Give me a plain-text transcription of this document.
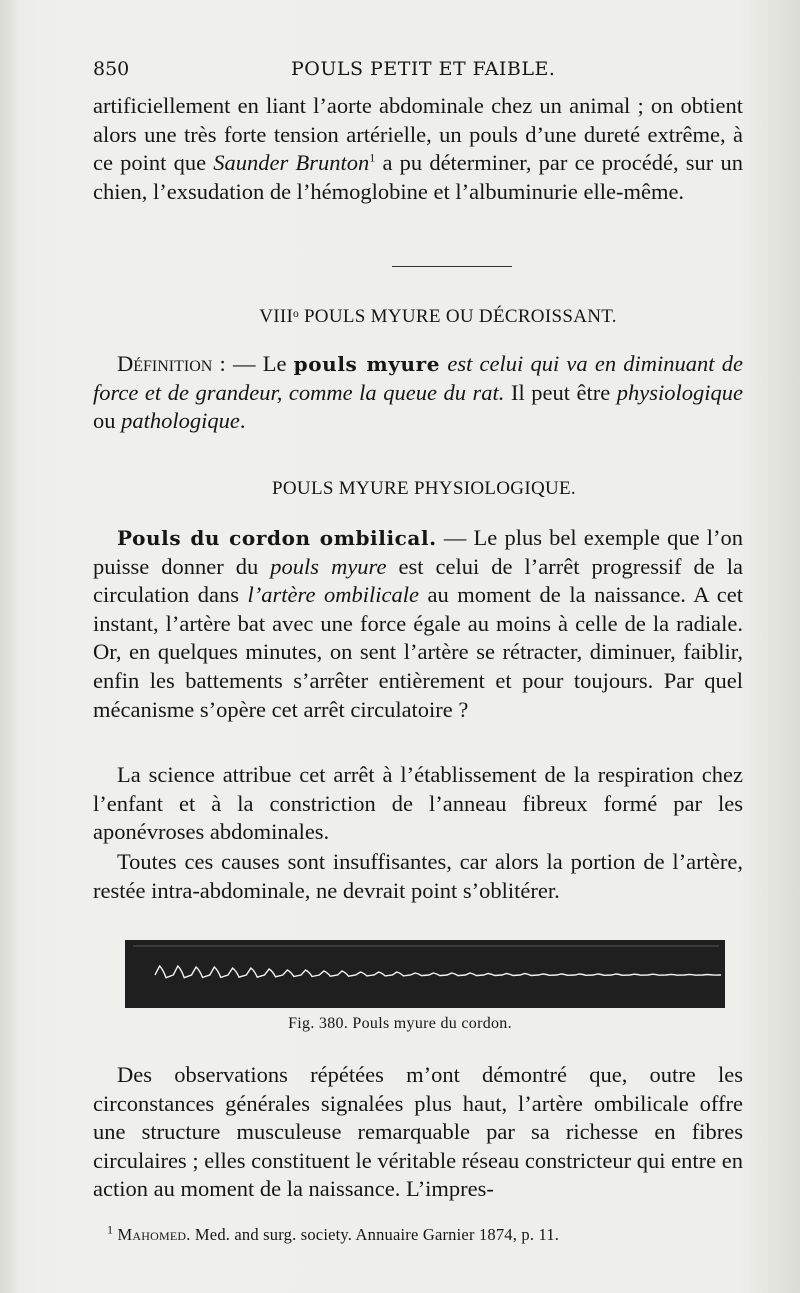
850	POULS PETIT ET FAIBLE.

artificiellement en liant l’aorte abdominale chez un animal ; on obtient alors une très forte tension artérielle, un pouls d’une dureté extrême, à ce point que Saunder Brunton$^1$ a pu déterminer, par ce procédé, sur un chien, l’exsudation de l’hémoglobine et l’albuminurie elle-même.

VIIIᵒ POULS MYURE OU DÉCROISSANT.

Définition : — Le pouls myure est celui qui va en diminuant de force et de grandeur, comme la queue du rat. Il peut être physiologique ou pathologique.

POULS MYURE PHYSIOLOGIQUE.

Pouls du cordon ombilical. — Le plus bel exemple que l’on puisse donner du pouls myure est celui de l’arrêt progressif de la circulation dans l’artère ombilicale au moment de la naissance. A cet instant, l’artère bat avec une force égale au moins à celle de la radiale. Or, en quelques minutes, on sent l’artère se rétracter, diminuer, faiblir, enfin les battements s’arrêter entièrement et pour toujours. Par quel mécanisme s’opère cet arrêt circulatoire ?

La science attribue cet arrêt à l’établissement de la respiration chez l’enfant et à la constriction de l’anneau fibreux formé par les aponévroses abdominales.

Toutes ces causes sont insuffisantes, car alors la portion de l’artère, restée intra-abdominale, ne devrait point s’oblitérer.

Fig. 380. Pouls myure du cordon.

Des observations répétées m’ont démontré que, outre les circonstances générales signalées plus haut, l’artère ombilicale offre une structure musculeuse remarquable par sa richesse en fibres circulaires ; elles constituent le véritable réseau constricteur qui entre en action au moment de la naissance. L’impres-

$^1$ Mahomed. Med. and surg. society. Annuaire Garnier 1874, p. 11.
